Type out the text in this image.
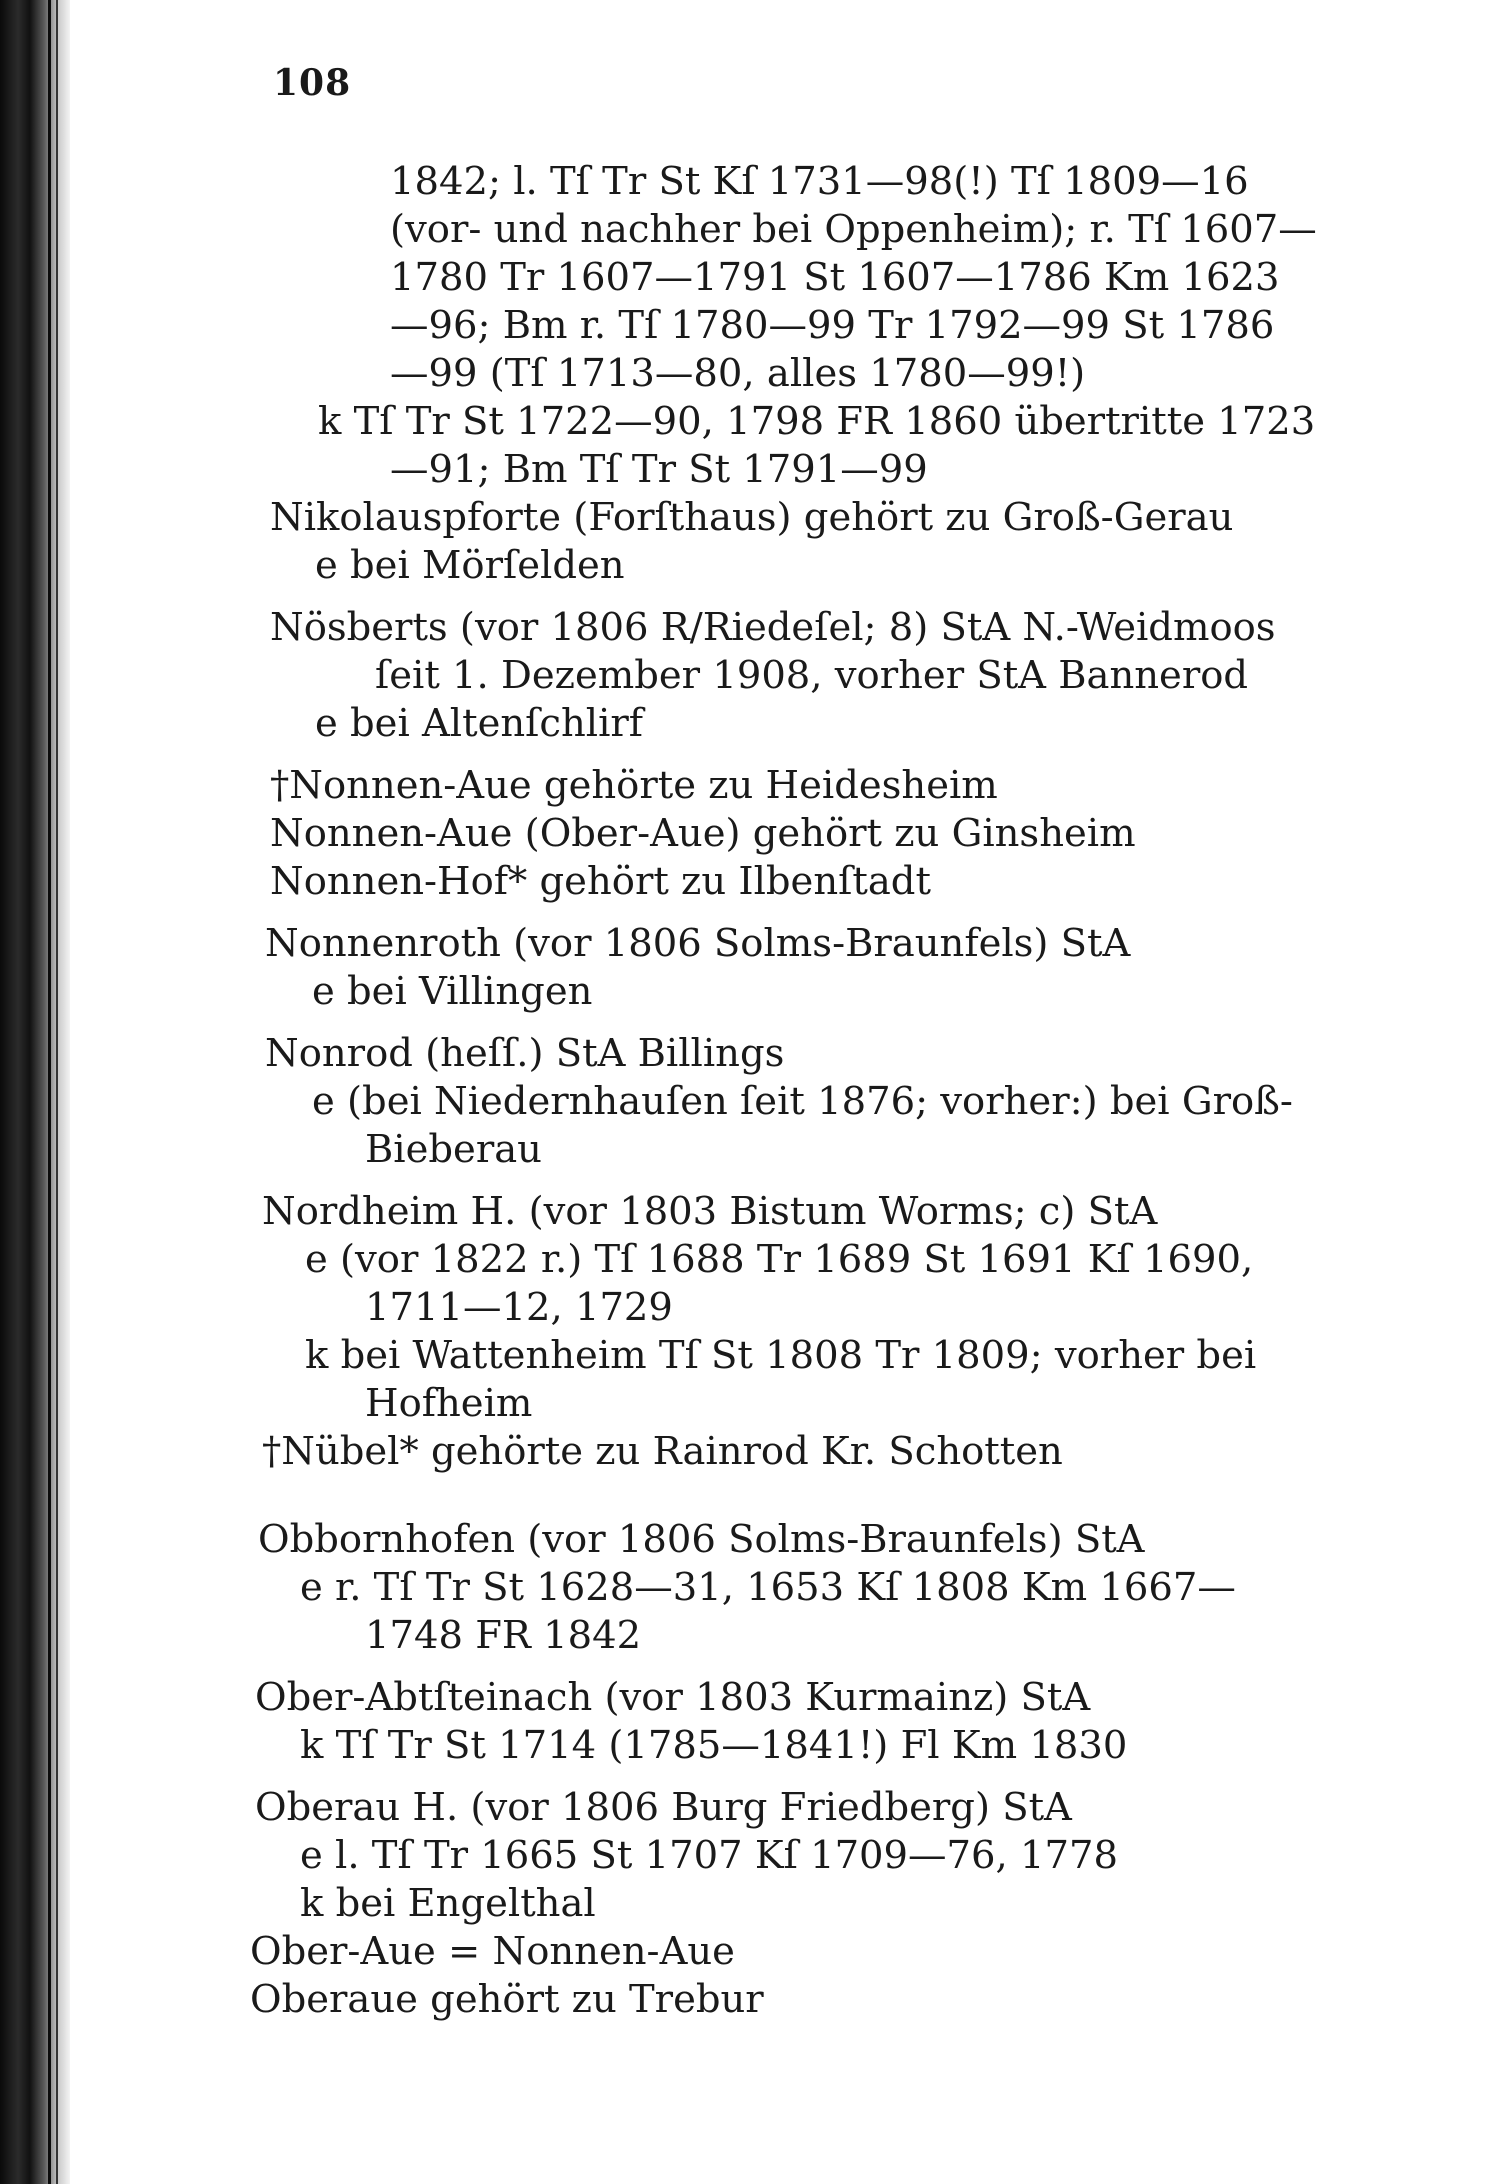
108
1842; l. Tſ Tr St Kſ 1731—98(!) Tſ 1809—16
(vor- und nachher bei Oppenheim); r. Tſ 1607—
1780 Tr 1607—1791 St 1607—1786 Km 1623
—96; Bm r. Tſ 1780—99 Tr 1792—99 St 1786
—99 (Tſ 1713—80, alles 1780—99!)
k Tſ Tr St 1722—90, 1798 FR 1860 übertritte 1723
—91; Bm Tſ Tr St 1791—99
Nikolauspforte (Forſthaus) gehört zu Groß-Gerau
e bei Mörſelden
Nösberts (vor 1806 R/Riedeſel; 8) StA N.-Weidmoos
ſeit 1. Dezember 1908, vorher StA Bannerod
e bei Altenſchlirf
†Nonnen-Aue gehörte zu Heidesheim
Nonnen-Aue (Ober-Aue) gehört zu Ginsheim
Nonnen-Hof* gehört zu Ilbenſtadt
Nonnenroth (vor 1806 Solms-Braunfels) StA
e bei Villingen
Nonrod (heſſ.) StA Billings
e (bei Niedernhauſen ſeit 1876; vorher:) bei Groß-
Bieberau
Nordheim H. (vor 1803 Bistum Worms; c) StA
e (vor 1822 r.) Tſ 1688 Tr 1689 St 1691 Kſ 1690,
1711—12, 1729
k bei Wattenheim Tſ St 1808 Tr 1809; vorher bei
Hofheim
†Nübel* gehörte zu Rainrod Kr. Schotten
Obbornhofen (vor 1806 Solms-Braunfels) StA
e r. Tſ Tr St 1628—31, 1653 Kſ 1808 Km 1667—
1748 FR 1842
Ober-Abtſteinach (vor 1803 Kurmainz) StA
k Tſ Tr St 1714 (1785—1841!) Fl Km 1830
Oberau H. (vor 1806 Burg Friedberg) StA
e l. Tſ Tr 1665 St 1707 Kſ 1709—76, 1778
k bei Engelthal
Ober-Aue = Nonnen-Aue
Oberaue gehört zu Trebur
